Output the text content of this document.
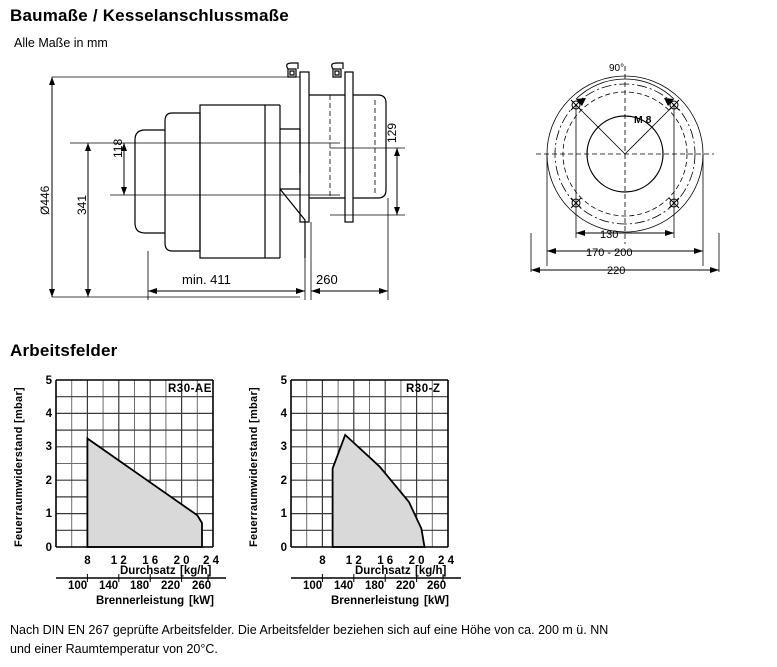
Baumaße / Kesselanschlussmaße
Alle Maße in mm
Arbeitsfelder
Ø446 341
118
129
min. 411	260
90°
M 8
130
170 - 200
220
Feuerraumwiderstand [mbar]
5
4
3
2
1
0
8 1 2 1 6 2 0 2 4
R30-AE
Durchsatz [kg/h]
100 140 180 220 260
Brennerleistung [kW]
Feuerraumwiderstand [mbar]
5
4
3
2
1
0
8 1 2 1 6 2 0 2 4
R30-Z
Durchsatz [kg/h]
100 140 180 220 260
Brennerleistung [kW]
Nach DIN EN 267 geprüfte Arbeitsfelder. Die Arbeitsfelder beziehen sich auf eine Höhe von ca. 200 m ü. NN
und einer Raumtemperatur von 20°C.
